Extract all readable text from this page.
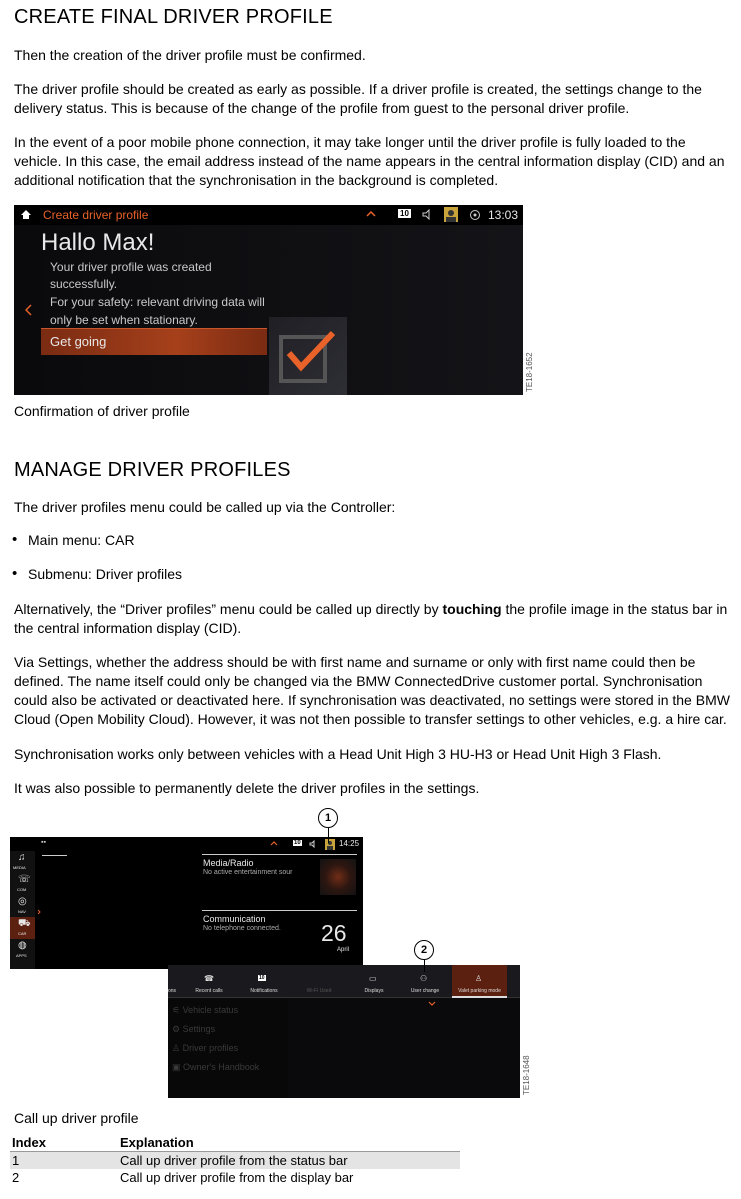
CREATE FINAL DRIVER PROFILE

Then the creation of the driver profile must be confirmed.

The driver profile should be created as early as possible. If a driver profile is created, the settings change to the delivery status. This is because of the change of the profile from guest to the personal driver profile.

In the event of a poor mobile phone connection, it may take longer until the driver profile is fully loaded to the vehicle. In this case, the email address instead of the name appears in the central information display (CID) and an additional notification that the synchronisation in the background is completed.

Create driver profile	10	13:03
Hallo Max!
Your driver profile was created
successfully.
For your safety: relevant driving data will
only be set when stationary.
Get going
TE18-1652

Confirmation of driver profile

MANAGE DRIVER PROFILES

The driver profiles menu could be called up via the Controller:

• Main menu: CAR
• Submenu: Driver profiles

Alternatively, the “Driver profiles” menu could be called up directly by touching the profile image in the status bar in the central information display (CID).

Via Settings, whether the address should be with first name and surname or only with first name could then be defined. The name itself could only be changed via the BMW ConnectedDrive customer portal. Synchronisation could also be activated or deactivated here. If synchronisation was deactivated, no settings were stored in the BMW Cloud (Open Mobility Cloud). However, it was not then possible to transfer settings to other vehicles, e.g. a hire car.

Synchronisation works only between vehicles with a Head Unit High 3 HU-H3 or Head Unit High 3 Flash.

It was also possible to permanently delete the driver profiles in the settings.

▪▪	10	14:25
♫
MEDIA
☏
COM
◎
NAV
⛟
CAR
◍
APPS
Media/Radio
No active entertainment sour
Communication
No telephone connected. 26
April
1
ons
☎
Recent calls
10
Notifications	Wi-Fi Used
▭
Displays
⚇
User change
♙
Valet parking mode
⚟ Vehicle status
⚙ Settings
♙ Driver profiles
▣ Owner's Handbook	TE18-1648
2

Call up driver profile

Index	Explanation
1	Call up driver profile from the status bar
2	Call up driver profile from the display bar
